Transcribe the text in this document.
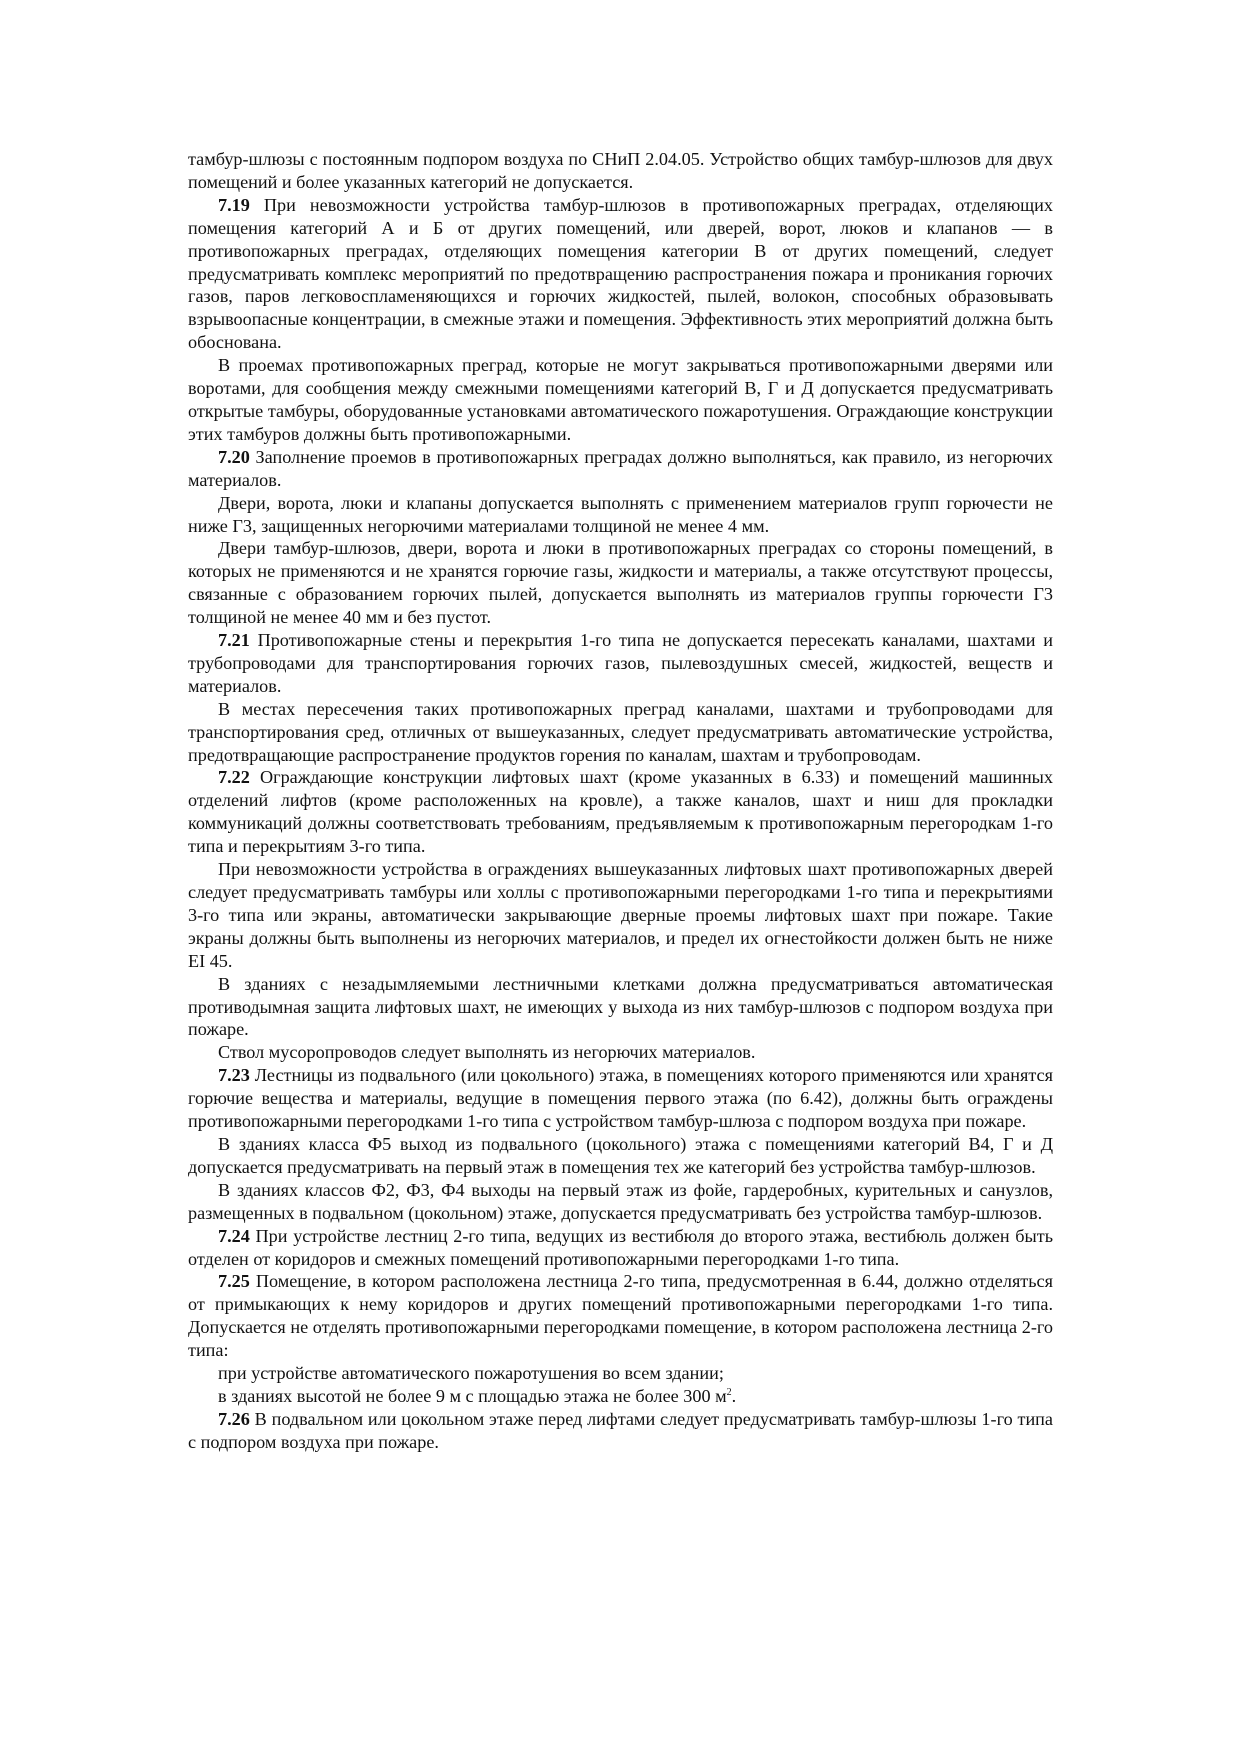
тамбур-шлюзы с постоянным подпором воздуха по СНиП 2.04.05. Устройство общих тамбур-шлюзов для двух помещений и более указанных категорий не допускается.

7.19 При невозможности устройства тамбур-шлюзов в противопожарных преградах, отделяющих помещения категорий А и Б от других помещений, или дверей, ворот, люков и клапанов — в противопожарных преградах, отделяющих помещения категории В от других помещений, следует предусматривать комплекс мероприятий по предотвращению распространения пожара и проникания горючих газов, паров легковоспламеняющихся и горючих жидкостей, пылей, волокон, способных образовывать взрывоопасные концентрации, в смежные этажи и помещения. Эффективность этих мероприятий должна быть обоснована.

В проемах противопожарных преград, которые не могут закрываться противопожарными дверями или воротами, для сообщения между смежными помещениями категорий В, Г и Д допускается предусматривать открытые тамбуры, оборудованные установками автоматического пожаротушения. Ограждающие конструкции этих тамбуров должны быть противопожарными.

7.20 Заполнение проемов в противопожарных преградах должно выполняться, как правило, из негорючих материалов.

Двери, ворота, люки и клапаны допускается выполнять с применением материалов групп горючести не ниже Г3, защищенных негорючими материалами толщиной не менее 4 мм.

Двери тамбур-шлюзов, двери, ворота и люки в противопожарных преградах со стороны помещений, в которых не применяются и не хранятся горючие газы, жидкости и материалы, а также отсутствуют процессы, связанные с образованием горючих пылей, допускается выполнять из материалов группы горючести Г3 толщиной не менее 40 мм и без пустот.

7.21 Противопожарные стены и перекрытия 1-го типа не допускается пересекать каналами, шахтами и трубопроводами для транспортирования горючих газов, пылевоздушных смесей, жидкостей, веществ и материалов.

В местах пересечения таких противопожарных преград каналами, шахтами и трубопроводами для транспортирования сред, отличных от вышеуказанных, следует предусматривать автоматические устройства, предотвращающие распространение продуктов горения по каналам, шахтам и трубопроводам.

7.22 Ограждающие конструкции лифтовых шахт (кроме указанных в 6.33) и помещений машинных отделений лифтов (кроме расположенных на кровле), а также каналов, шахт и ниш для прокладки коммуникаций должны соответствовать требованиям, предъявляемым к противопожарным перегородкам 1-го типа и перекрытиям 3-го типа.

При невозможности устройства в ограждениях вышеуказанных лифтовых шахт противопожарных дверей следует предусматривать тамбуры или холлы с противопожарными перегородками 1-го типа и перекрытиями 3-го типа или экраны, автоматически закрывающие дверные проемы лифтовых шахт при пожаре. Такие экраны должны быть выполнены из негорючих материалов, и предел их огнестойкости должен быть не ниже EI 45.

В зданиях с незадымляемыми лестничными клетками должна предусматриваться автоматическая противодымная защита лифтовых шахт, не имеющих у выхода из них тамбур-шлюзов с подпором воздуха при пожаре.

Ствол мусоропроводов следует выполнять из негорючих материалов.

7.23 Лестницы из подвального (или цокольного) этажа, в помещениях которого применяются или хранятся горючие вещества и материалы, ведущие в помещения первого этажа (по 6.42), должны быть ограждены противопожарными перегородками 1-го типа с устройством тамбур-шлюза с подпором воздуха при пожаре.

В зданиях класса Ф5 выход из подвального (цокольного) этажа с помещениями категорий В4, Г и Д допускается предусматривать на первый этаж в помещения тех же категорий без устройства тамбур-шлюзов.

В зданиях классов Ф2, Ф3, Ф4 выходы на первый этаж из фойе, гардеробных, курительных и санузлов, размещенных в подвальном (цокольном) этаже, допускается предусматривать без устройства тамбур-шлюзов.

7.24 При устройстве лестниц 2-го типа, ведущих из вестибюля до второго этажа, вестибюль должен быть отделен от коридоров и смежных помещений противопожарными перегородками 1-го типа.

7.25 Помещение, в котором расположена лестница 2-го типа, предусмотренная в 6.44, должно отделяться от примыкающих к нему коридоров и других помещений противопожарными перегородками 1-го типа. Допускается не отделять противопожарными перегородками помещение, в котором расположена лестница 2-го типа:

при устройстве автоматического пожаротушения во всем здании;

в зданиях высотой не более 9 м с площадью этажа не более 300 $м^2$.

7.26 В подвальном или цокольном этаже перед лифтами следует предусматривать тамбур-шлюзы 1-го типа с подпором воздуха при пожаре.
